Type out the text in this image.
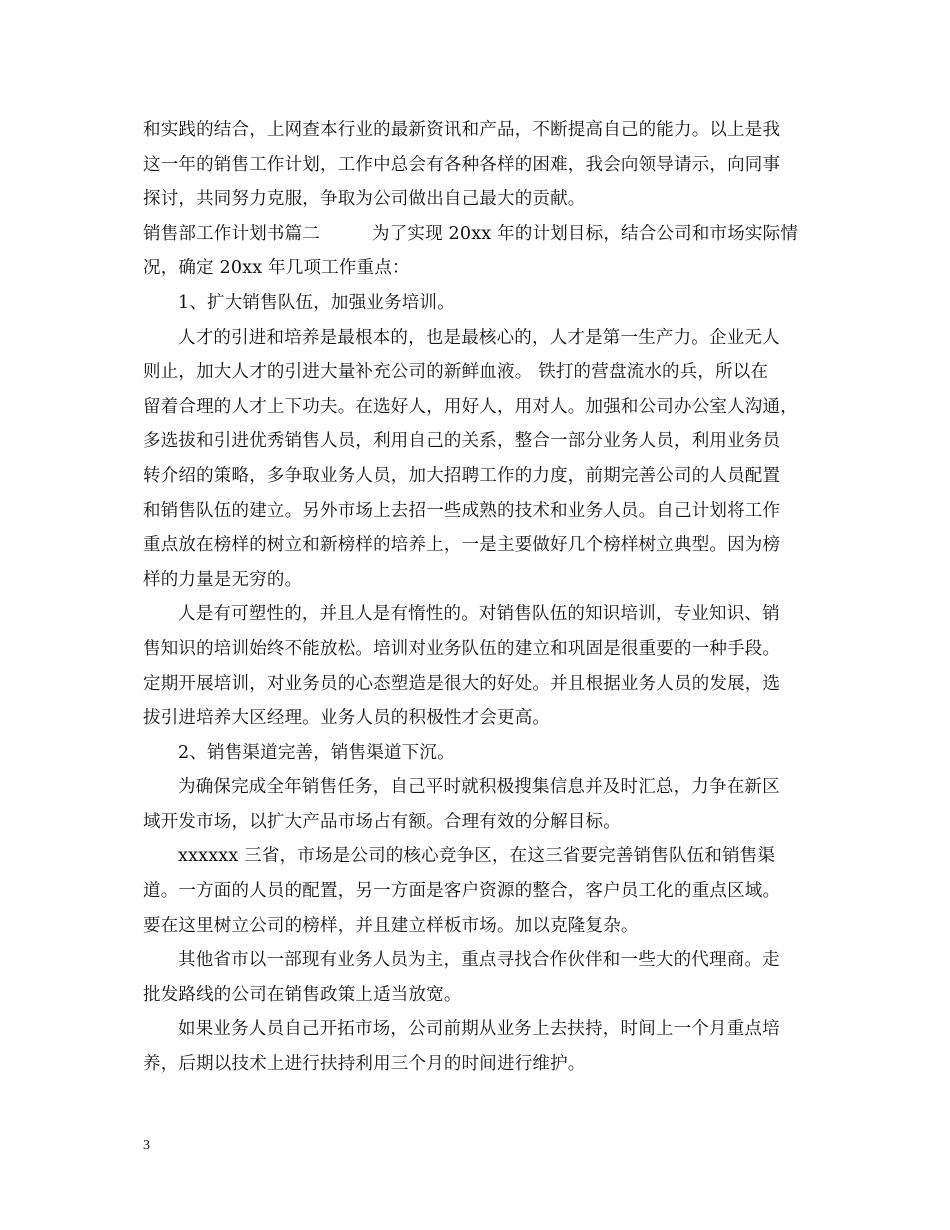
和实践的结合，上网查本行业的最新资讯和产品，不断提高自己的能力。以上是我
这一年的销售工作计划，工作中总会有各种各样的困难，我会向领导请示，向同事
探讨，共同努力克服，争取为公司做出自己最大的贡献。
销售部工作计划书篇二	为了实现 20xx 年的计划目标，结合公司和市场实际情
况，确定 20xx 年几项工作重点：
1、扩大销售队伍，加强业务培训。
人才的引进和培养是最根本的，也是最核心的，人才是第一生产力。企业无人
则止，加大人才的引进大量补充公司的新鲜血液。 铁打的营盘流水的兵，所以在
留着合理的人才上下功夫。在选好人，用好人，用对人。加强和公司办公室人沟通，
多选拔和引进优秀销售人员，利用自己的关系，整合一部分业务人员，利用业务员
转介绍的策略，多争取业务人员，加大招聘工作的力度，前期完善公司的人员配置
和销售队伍的建立。另外市场上去招一些成熟的技术和业务人员。自己计划将工作
重点放在榜样的树立和新榜样的培养上，一是主要做好几个榜样树立典型。因为榜
样的力量是无穷的。
人是有可塑性的，并且人是有惰性的。对销售队伍的知识培训，专业知识、销
售知识的培训始终不能放松。培训对业务队伍的建立和巩固是很重要的一种手段。
定期开展培训，对业务员的心态塑造是很大的好处。并且根据业务人员的发展，选
拔引进培养大区经理。业务人员的积极性才会更高。
2、销售渠道完善，销售渠道下沉。
为确保完成全年销售任务，自己平时就积极搜集信息并及时汇总，力争在新区
域开发市场，以扩大产品市场占有额。合理有效的分解目标。
xxxxxx 三省，市场是公司的核心竞争区，在这三省要完善销售队伍和销售渠
道。一方面的人员的配置，另一方面是客户资源的整合，客户员工化的重点区域。
要在这里树立公司的榜样，并且建立样板市场。加以克隆复杂。
其他省市以一部现有业务人员为主，重点寻找合作伙伴和一些大的代理商。走
批发路线的公司在销售政策上适当放宽。
如果业务人员自己开拓市场，公司前期从业务上去扶持，时间上一个月重点培
养，后期以技术上进行扶持利用三个月的时间进行维护。
3
